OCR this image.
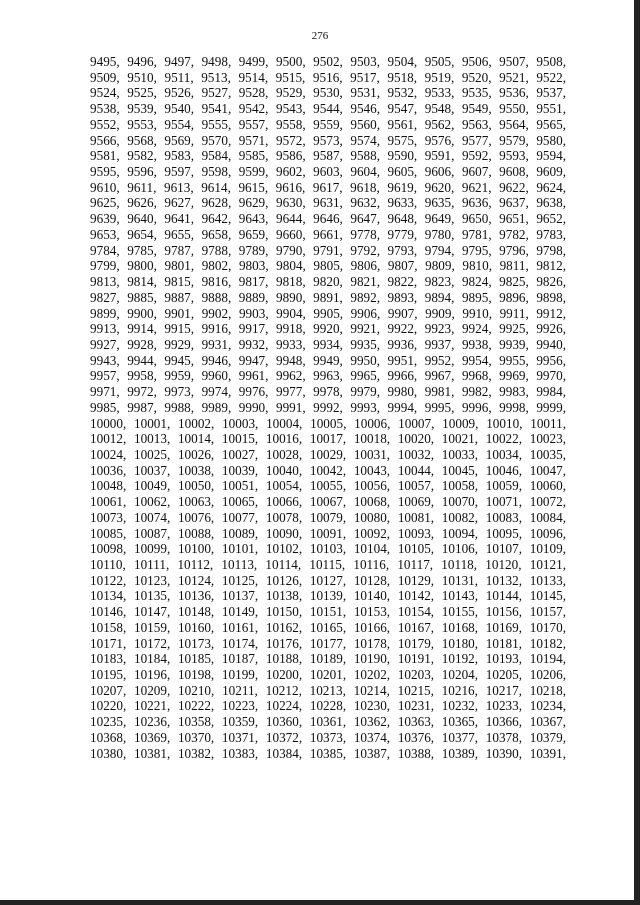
276
9495, 9496, 9497, 9498, 9499, 9500, 9502, 9503, 9504, 9505, 9506, 9507, 9508,
9509, 9510, 9511, 9513, 9514, 9515, 9516, 9517, 9518, 9519, 9520, 9521, 9522,
9524, 9525, 9526, 9527, 9528, 9529, 9530, 9531, 9532, 9533, 9535, 9536, 9537,
9538, 9539, 9540, 9541, 9542, 9543, 9544, 9546, 9547, 9548, 9549, 9550, 9551,
9552, 9553, 9554, 9555, 9557, 9558, 9559, 9560, 9561, 9562, 9563, 9564, 9565,
9566, 9568, 9569, 9570, 9571, 9572, 9573, 9574, 9575, 9576, 9577, 9579, 9580,
9581, 9582, 9583, 9584, 9585, 9586, 9587, 9588, 9590, 9591, 9592, 9593, 9594,
9595, 9596, 9597, 9598, 9599, 9602, 9603, 9604, 9605, 9606, 9607, 9608, 9609,
9610, 9611, 9613, 9614, 9615, 9616, 9617, 9618, 9619, 9620, 9621, 9622, 9624,
9625, 9626, 9627, 9628, 9629, 9630, 9631, 9632, 9633, 9635, 9636, 9637, 9638,
9639, 9640, 9641, 9642, 9643, 9644, 9646, 9647, 9648, 9649, 9650, 9651, 9652,
9653, 9654, 9655, 9658, 9659, 9660, 9661, 9778, 9779, 9780, 9781, 9782, 9783,
9784, 9785, 9787, 9788, 9789, 9790, 9791, 9792, 9793, 9794, 9795, 9796, 9798,
9799, 9800, 9801, 9802, 9803, 9804, 9805, 9806, 9807, 9809, 9810, 9811, 9812,
9813, 9814, 9815, 9816, 9817, 9818, 9820, 9821, 9822, 9823, 9824, 9825, 9826,
9827, 9885, 9887, 9888, 9889, 9890, 9891, 9892, 9893, 9894, 9895, 9896, 9898,
9899, 9900, 9901, 9902, 9903, 9904, 9905, 9906, 9907, 9909, 9910, 9911, 9912,
9913, 9914, 9915, 9916, 9917, 9918, 9920, 9921, 9922, 9923, 9924, 9925, 9926,
9927, 9928, 9929, 9931, 9932, 9933, 9934, 9935, 9936, 9937, 9938, 9939, 9940,
9943, 9944, 9945, 9946, 9947, 9948, 9949, 9950, 9951, 9952, 9954, 9955, 9956,
9957, 9958, 9959, 9960, 9961, 9962, 9963, 9965, 9966, 9967, 9968, 9969, 9970,
9971, 9972, 9973, 9974, 9976, 9977, 9978, 9979, 9980, 9981, 9982, 9983, 9984,
9985, 9987, 9988, 9989, 9990, 9991, 9992, 9993, 9994, 9995, 9996, 9998, 9999,
10000, 10001, 10002, 10003, 10004, 10005, 10006, 10007, 10009, 10010, 10011,
10012, 10013, 10014, 10015, 10016, 10017, 10018, 10020, 10021, 10022, 10023,
10024, 10025, 10026, 10027, 10028, 10029, 10031, 10032, 10033, 10034, 10035,
10036, 10037, 10038, 10039, 10040, 10042, 10043, 10044, 10045, 10046, 10047,
10048, 10049, 10050, 10051, 10054, 10055, 10056, 10057, 10058, 10059, 10060,
10061, 10062, 10063, 10065, 10066, 10067, 10068, 10069, 10070, 10071, 10072,
10073, 10074, 10076, 10077, 10078, 10079, 10080, 10081, 10082, 10083, 10084,
10085, 10087, 10088, 10089, 10090, 10091, 10092, 10093, 10094, 10095, 10096,
10098, 10099, 10100, 10101, 10102, 10103, 10104, 10105, 10106, 10107, 10109,
10110, 10111, 10112, 10113, 10114, 10115, 10116, 10117, 10118, 10120, 10121,
10122, 10123, 10124, 10125, 10126, 10127, 10128, 10129, 10131, 10132, 10133,
10134, 10135, 10136, 10137, 10138, 10139, 10140, 10142, 10143, 10144, 10145,
10146, 10147, 10148, 10149, 10150, 10151, 10153, 10154, 10155, 10156, 10157,
10158, 10159, 10160, 10161, 10162, 10165, 10166, 10167, 10168, 10169, 10170,
10171, 10172, 10173, 10174, 10176, 10177, 10178, 10179, 10180, 10181, 10182,
10183, 10184, 10185, 10187, 10188, 10189, 10190, 10191, 10192, 10193, 10194,
10195, 10196, 10198, 10199, 10200, 10201, 10202, 10203, 10204, 10205, 10206,
10207, 10209, 10210, 10211, 10212, 10213, 10214, 10215, 10216, 10217, 10218,
10220, 10221, 10222, 10223, 10224, 10228, 10230, 10231, 10232, 10233, 10234,
10235, 10236, 10358, 10359, 10360, 10361, 10362, 10363, 10365, 10366, 10367,
10368, 10369, 10370, 10371, 10372, 10373, 10374, 10376, 10377, 10378, 10379,
10380, 10381, 10382, 10383, 10384, 10385, 10387, 10388, 10389, 10390, 10391,
